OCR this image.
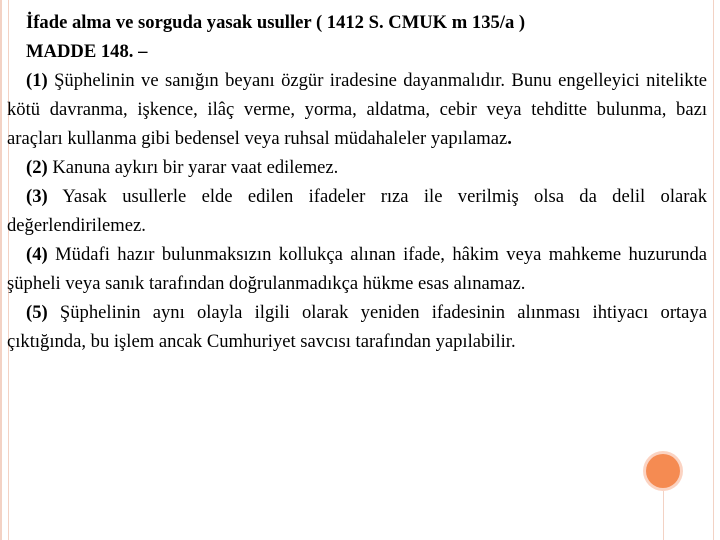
İfade alma ve sorguda yasak usuller ( 1412 S. CMUK m 135/a )

MADDE 148. –

(1) Şüphelinin ve sanığın beyanı özgür iradesine dayanmalıdır. Bunu engelleyici nitelikte kötü davranma, işkence, ilâç verme, yorma, aldatma, cebir veya tehditte bulunma, bazı araçları kullanma gibi bedensel veya ruhsal müdahaleler yapılamaz.

(2) Kanuna aykırı bir yarar vaat edilemez.

(3) Yasak usullerle elde edilen ifadeler rıza ile verilmiş olsa da delil olarak değerlendirilemez.

(4) Müdafi hazır bulunmaksızın kollukça alınan ifade, hâkim veya mahkeme huzurunda şüpheli veya sanık tarafından doğrulanmadıkça hükme esas alınamaz.

(5) Şüphelinin aynı olayla ilgili olarak yeniden ifadesinin alınması ihtiyacı ortaya çıktığında, bu işlem ancak Cumhuriyet savcısı tarafından yapılabilir.
